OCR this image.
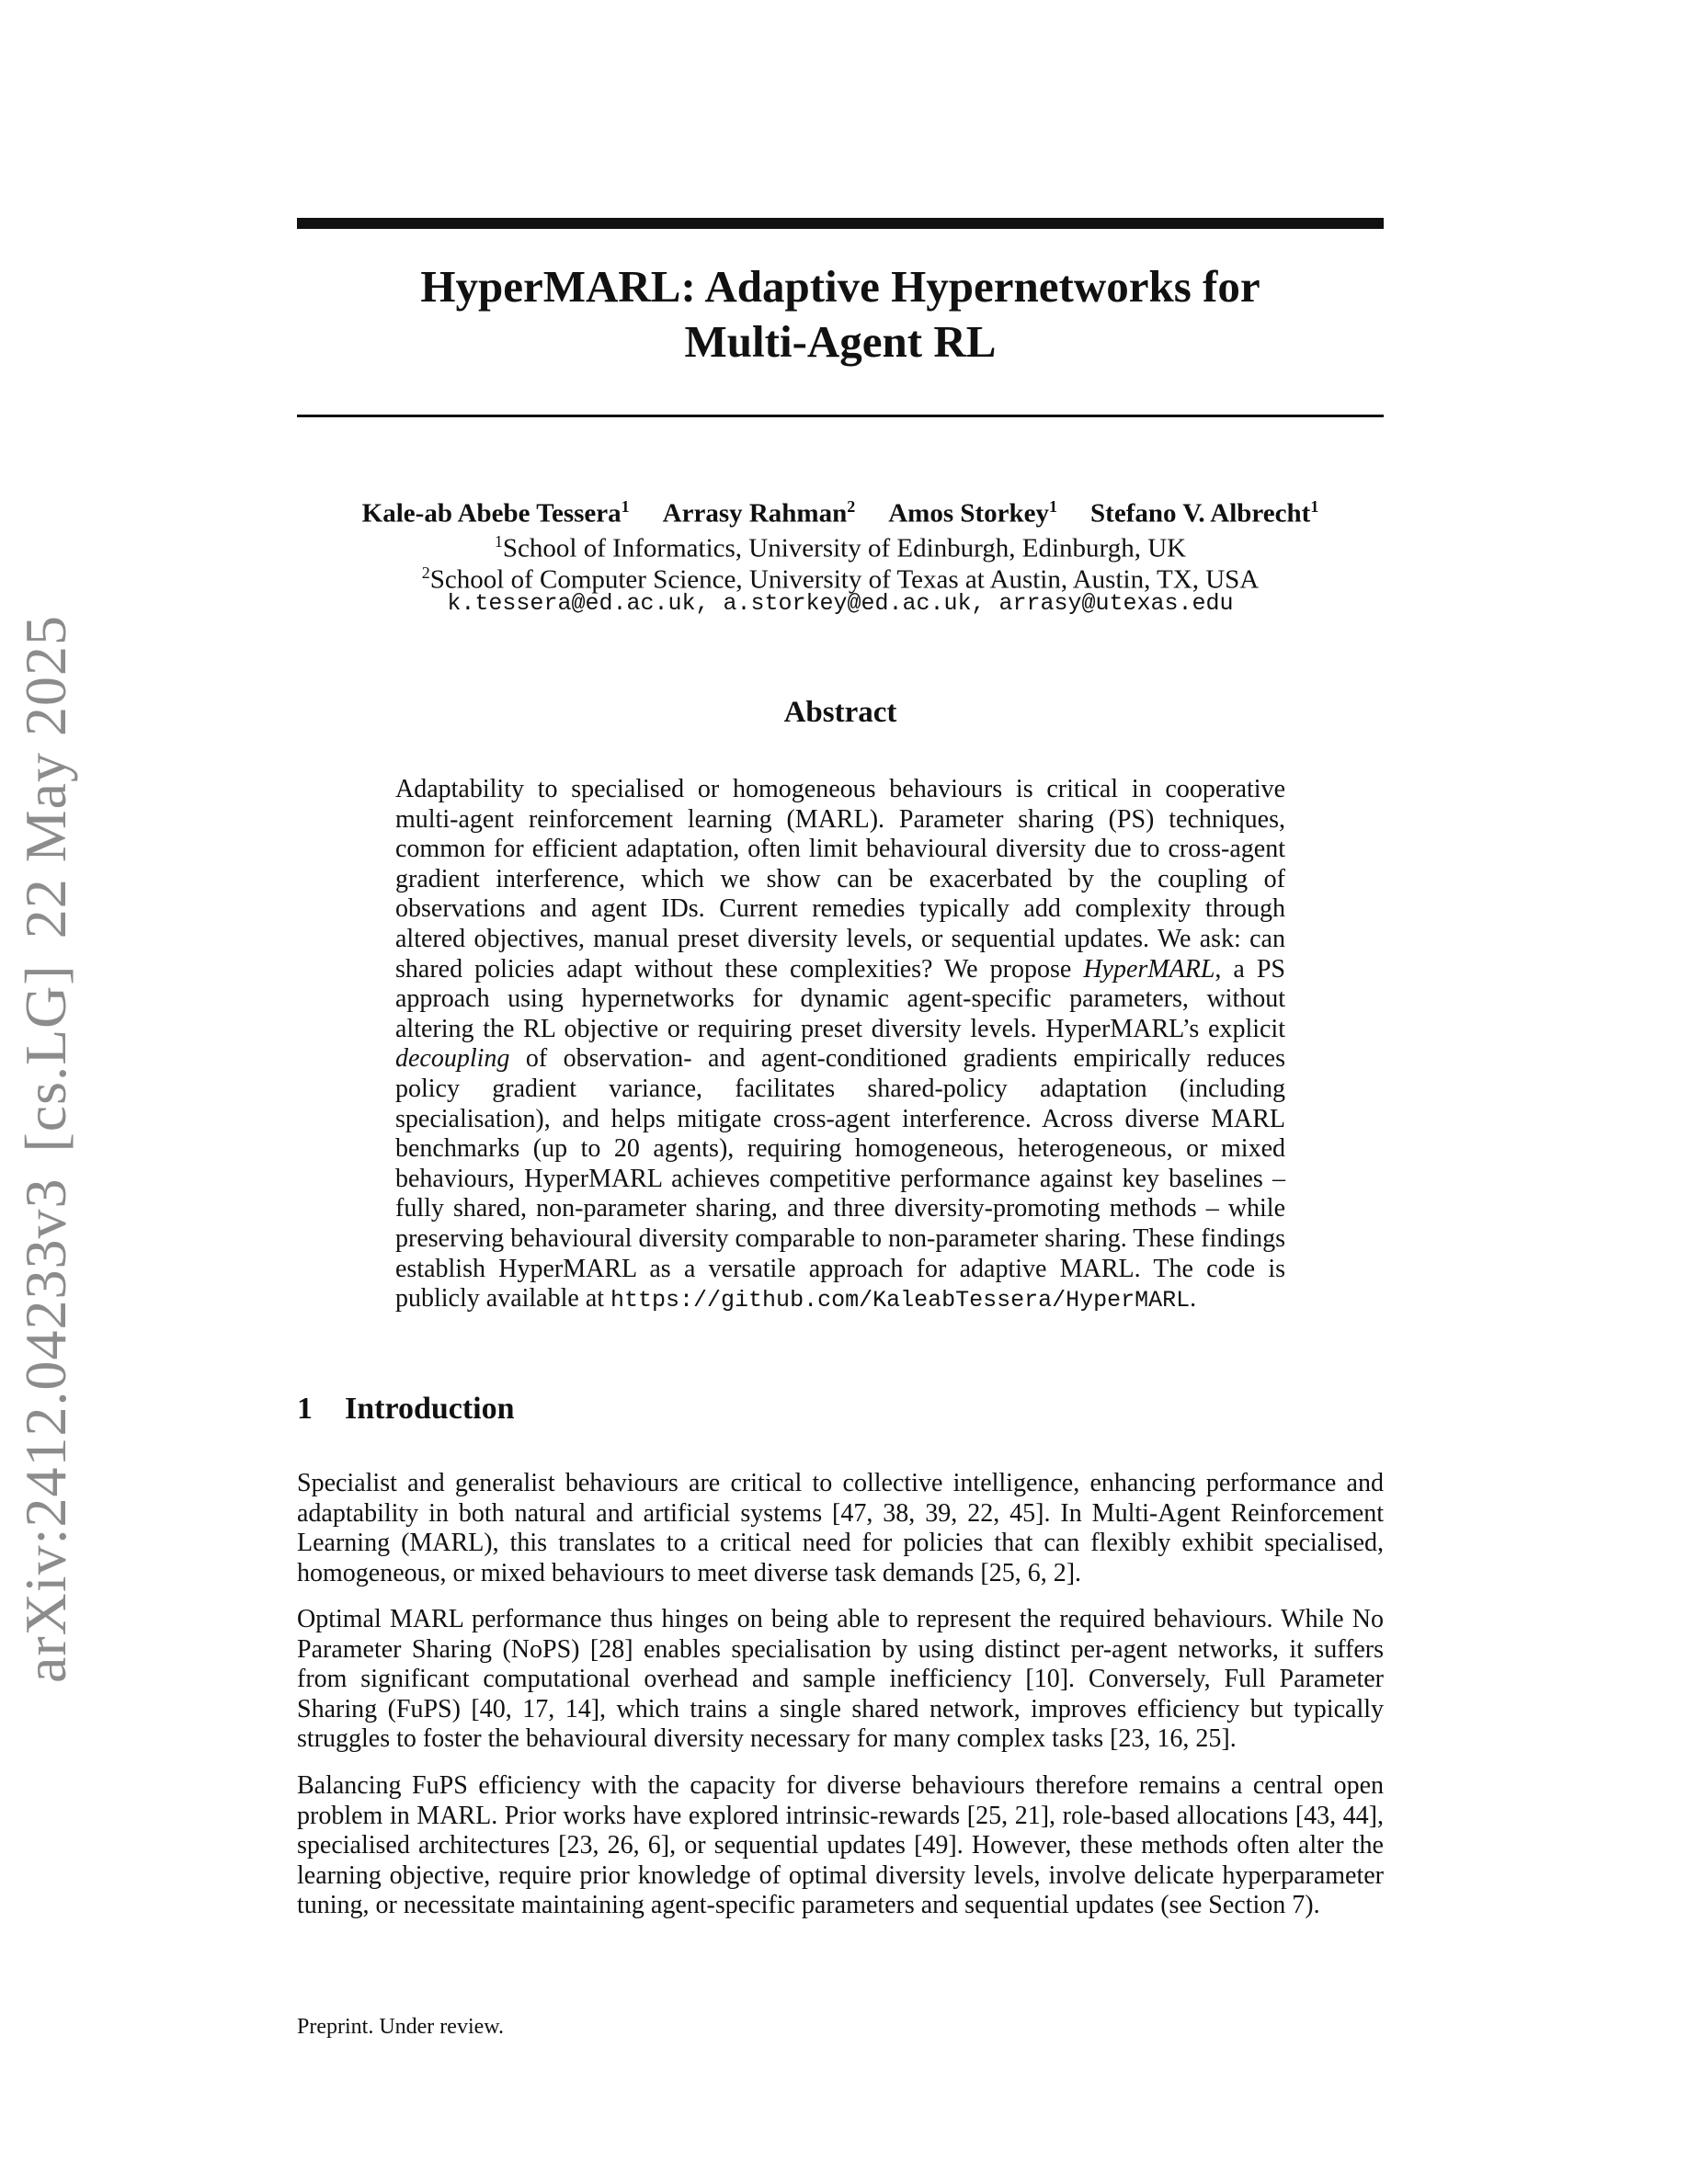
arXiv:2412.04233v3[cs.LG]22 May 2025
HyperMARL: Adaptive Hypernetworks for
Multi-Agent RL
Kale-ab Abebe Tessera$^1$ Arrasy Rahman$^2$ Amos Storkey$^1$ Stefano V. Albrecht$^1$
$^1$School of Informatics, University of Edinburgh, Edinburgh, UK
$^2$School of Computer Science, University of Texas at Austin, Austin, TX, USA
k.tessera@ed.ac.uk, a.storkey@ed.ac.uk, arrasy@utexas.edu
Abstract
Adaptability to specialised or homogeneous behaviours is critical in cooperative multi-agent reinforcement learning (MARL). Parameter sharing (PS) techniques, common for efficient adaptation, often limit behavioural diversity due to cross-agent gradient interference, which we show can be exacerbated by the coupling of observations and agent IDs. Current remedies typically add complexity through altered objectives, manual preset diversity levels, or sequential updates. We ask: can shared policies adapt without these complexities? We propose HyperMARL, a PS approach using hypernetworks for dynamic agent-specific parameters, without altering the RL objective or requiring preset diversity levels. HyperMARL’s explicit decoupling of observation- and agent-conditioned gradients empirically reduces policy gradient variance, facilitates shared-policy adaptation (including specialisation), and helps mitigate cross-agent interference. Across diverse MARL benchmarks (up to 20 agents), requiring homogeneous, heterogeneous, or mixed behaviours, HyperMARL achieves competitive performance against key baselines – fully shared, non-parameter sharing, and three diversity-promoting methods – while preserving behavioural diversity comparable to non-parameter sharing. These findings establish HyperMARL as a versatile approach for adaptive MARL. The code is publicly available at https://github.com/KaleabTessera/HyperMARL.
1 Introduction
Specialist and generalist behaviours are critical to collective intelligence, enhancing performance and adaptability in both natural and artificial systems [47, 38, 39, 22, 45]. In Multi-Agent Reinforcement Learning (MARL), this translates to a critical need for policies that can flexibly exhibit specialised, homogeneous, or mixed behaviours to meet diverse task demands [25, 6, 2].
Optimal MARL performance thus hinges on being able to represent the required behaviours. While No Parameter Sharing (NoPS) [28] enables specialisation by using distinct per-agent networks, it suffers from significant computational overhead and sample inefficiency [10]. Conversely, Full Parameter Sharing (FuPS) [40, 17, 14], which trains a single shared network, improves efficiency but typically struggles to foster the behavioural diversity necessary for many complex tasks [23, 16, 25].
Balancing FuPS efficiency with the capacity for diverse behaviours therefore remains a central open problem in MARL. Prior works have explored intrinsic-rewards [25, 21], role-based allocations [43, 44], specialised architectures [23, 26, 6], or sequential updates [49]. However, these methods often alter the learning objective, require prior knowledge of optimal diversity levels, involve delicate hyperparameter tuning, or necessitate maintaining agent-specific parameters and sequential updates (see Section 7).
Preprint. Under review.
